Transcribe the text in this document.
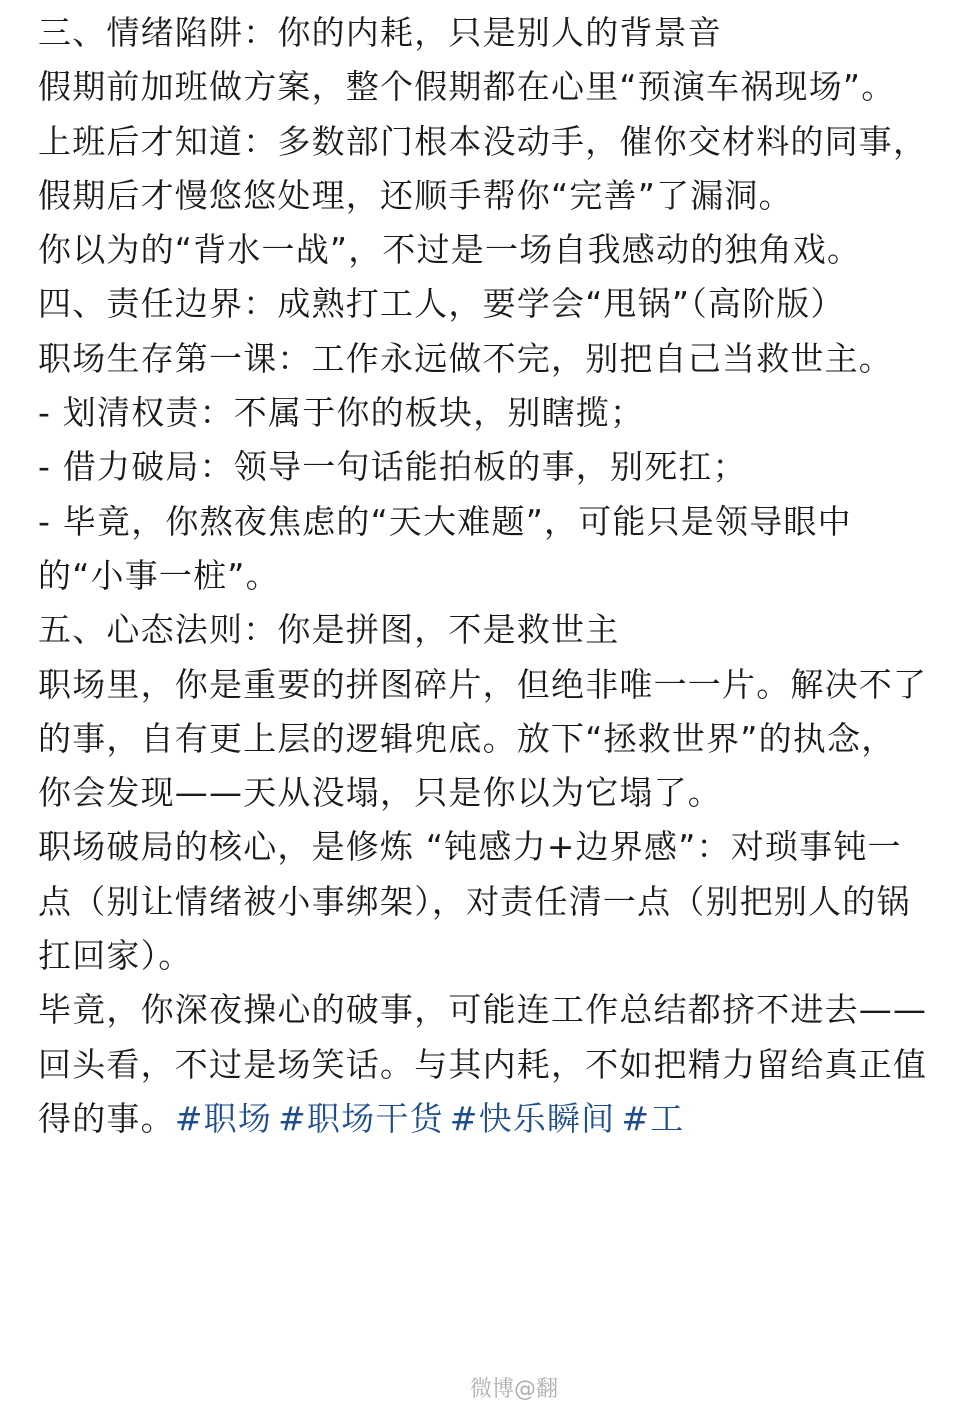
三、情绪陷阱：你的内耗，只是别人的背景音

假期前加班做方案，整个假期都在心里“预演车祸现场”。上班后才知道：多数部门根本没动手，催你交材料的同事，假期后才慢悠悠处理，还顺手帮你“完善”了漏洞。

你以为的“背水一战”，不过是一场自我感动的独角戏。

四、责任边界：成熟打工人，要学会“甩锅”（高阶版）

职场生存第一课：工作永远做不完，别把自己当救世主。

- 划清权责：不属于你的板块，别瞎揽；

- 借力破局：领导一句话能拍板的事，别死扛；

- 毕竟，你熬夜焦虑的“天大难题”，可能只是领导眼中的“小事一桩”。

五、心态法则：你是拼图，不是救世主

职场里，你是重要的拼图碎片，但绝非唯一一片。解决不了的事，自有更上层的逻辑兜底。放下“拯救世界”的执念，你会发现——天从没塌，只是你以为它塌了。

职场破局的核心，是修炼 “钝感力+边界感”：对琐事钝一点（别让情绪被小事绑架），对责任清一点（别把别人的锅扛回家）。

毕竟，你深夜操心的破事，可能连工作总结都挤不进去——回头看，不过是场笑话。与其内耗，不如把精力留给真正值得的事。#职场 #职场干货 #快乐瞬间 #工

微博@翻
